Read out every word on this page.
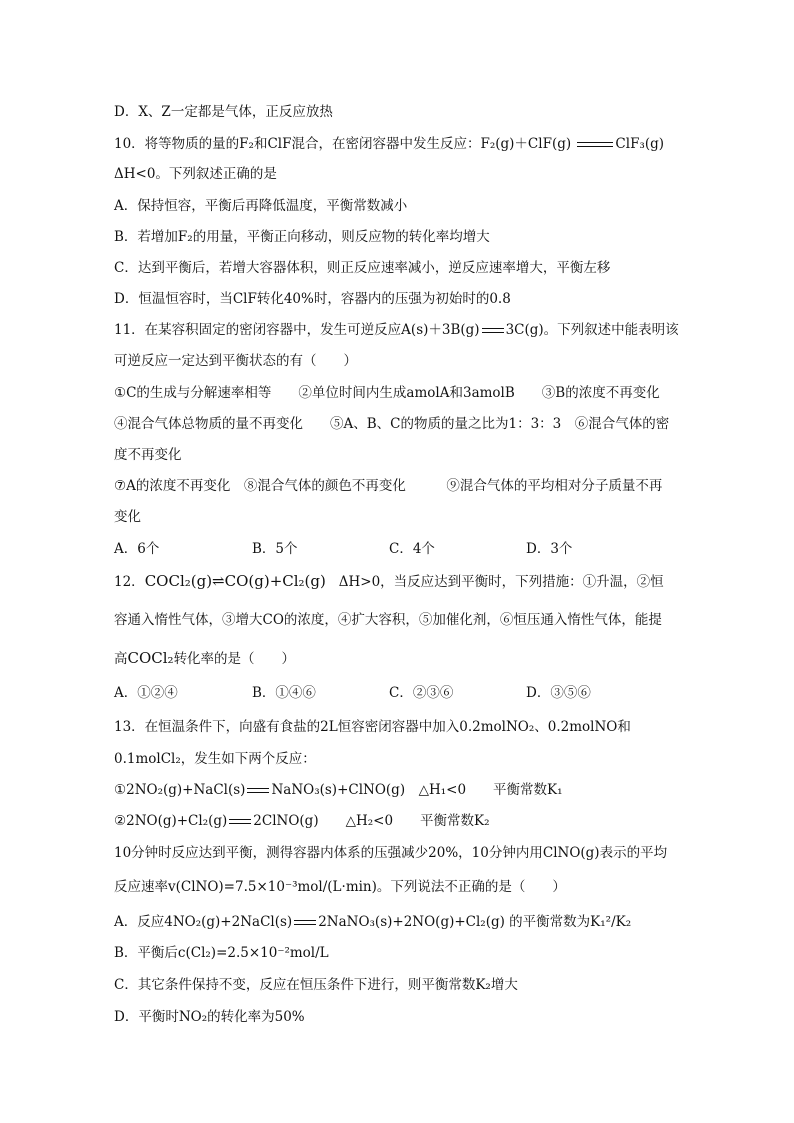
D．X、Z一定都是气体，正反应放热
10．将等物质的量的F₂和ClF混合，在密闭容器中发生反应：F₂(g)＋ClF(g)	ClF₃(g)
ΔH<0。下列叙述正确的是
A．保持恒容，平衡后再降低温度，平衡常数减小
B．若增加F₂的用量，平衡正向移动，则反应物的转化率均增大
C．达到平衡后，若增大容器体积，则正反应速率减小，逆反应速率增大，平衡左移
D．恒温恒容时，当ClF转化40%时，容器内的压强为初始时的0.8
11．在某容积固定的密闭容器中，发生可逆反应A(s)＋3B(g) 3C(g)。下列叙述中能表明该
可逆反应一定达到平衡状态的有（　　）
①C的生成与分解速率相等　　②单位时间内生成amolA和3amolB　　③B的浓度不再变化
④混合气体总物质的量不再变化　　⑤A、B、C的物质的量之比为1：3：3　⑥混合气体的密
度不再变化
⑦A的浓度不再变化　⑧混合气体的颜色不再变化　　　⑨混合气体的平均相对分子质量不再
变化
A．6个	B．5个	C．4个	D．3个
12．COCl₂(g)⇌CO(g)+Cl₂(g) ΔH>0，当反应达到平衡时，下列措施：①升温，②恒
容通入惰性气体，③增大CO的浓度，④扩大容积，⑤加催化剂，⑥恒压通入惰性气体，能提
高COCl₂转化率的是（　　）
A．①②④	B．①④⑥	C．②③⑥	D．③⑤⑥
13．在恒温条件下，向盛有食盐的2L恒容密闭容器中加入0.2molNO₂、0.2molNO和
0.1molCl₂，发生如下两个反应：
①2NO₂(g)+NaCl(s) NaNO₃(s)+ClNO(g)　△H₁<0　　平衡常数K₁
②2NO(g)+Cl₂(g) 2ClNO(g)　　△H₂<0　　平衡常数K₂
10分钟时反应达到平衡，测得容器内体系的压强减少20%，10分钟内用ClNO(g)表示的平均
反应速率v(ClNO)=7.5×10⁻³mol/(L·min)。下列说法不正确的是（　　）
A．反应4NO₂(g)+2NaCl(s) 2NaNO₃(s)+2NO(g)+Cl₂(g) 的平衡常数为K₁²/K₂
B．平衡后c(Cl₂)=2.5×10⁻²mol/L
C．其它条件保持不变，反应在恒压条件下进行，则平衡常数K₂增大
D．平衡时NO₂的转化率为50%
